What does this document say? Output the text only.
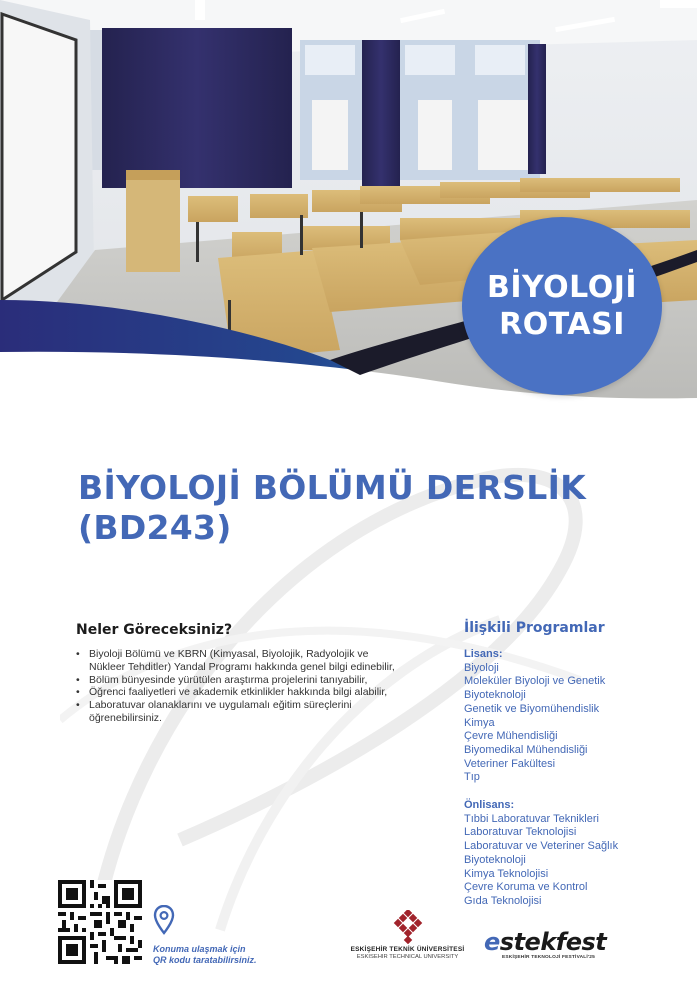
BİYOLOJİ
ROTASI
BİYOLOJİ BÖLÜMÜ DERSLİK
(BD243)
Neler Göreceksiniz?
• Biyoloji Bölümü ve KBRN (Kimyasal, Biyolojik, Radyolojik ve Nükleer Tehditler) Yandal Programı hakkında genel bilgi edinebilir,
• Bölüm bünyesinde yürütülen araştırma projelerini tanıyabilir,
• Öğrenci faaliyetleri ve akademik etkinlikler hakkında bilgi alabilir,
• Laboratuvar olanaklarını ve uygulamalı eğitim süreçlerini öğrenebilirsiniz.
İlişkili Programlar
Lisans:
Biyoloji
Moleküler Biyoloji ve Genetik
Biyoteknoloji
Genetik ve Biyomühendislik
Kimya
Çevre Mühendisliği
Biyomedikal Mühendisliği
Veteriner Fakültesi
Tıp
Önlisans:
Tıbbi Laboratuvar Teknikleri
Laboratuvar Teknolojisi
Laboratuvar ve Veteriner Sağlık
Biyoteknoloji
Kimya Teknolojisi
Çevre Koruma ve Kontrol
Gıda Teknolojisi
Konuma ulaşmak için
QR kodu taratabilirsiniz.
ESKİŞEHİR TEKNİK ÜNİVERSİTESİ
ESKISEHIR TECHNICAL UNIVERSITY
estekfest
ESKİŞEHİR TEKNOLOJİ FESTİVALİ'25
